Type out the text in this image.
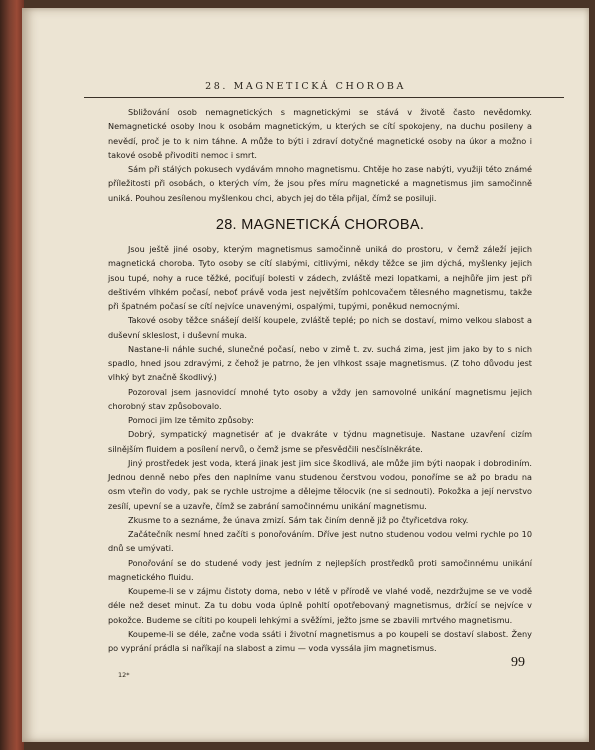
28. MAGNETICKÁ CHOROBA

Sbližování osob nemagnetických s magnetickými se stává v životě často nevědomky. Nemagnetické osoby lnou k osobám magnetickým, u kterých se cítí spokojeny, na duchu posileny a nevědí, proč je to k nim táhne. A může to býti i zdraví dotyčné magnetické osoby na úkor a možno i takové osobě přivoditi nemoc i smrt.

Sám při stálých pokusech vydávám mnoho magnetismu. Chtěje ho zase nabýti, využiji této známé příležitosti při osobách, o kterých vím, že jsou přes míru magnetické a magnetismus jim samočinně uniká. Pouhou zesílenou myšlenkou chci, abych jej do těla přijal, čímž se posiluji.

28. MAGNETICKÁ CHOROBA.

Jsou ještě jiné osoby, kterým magnetismus samočinně uniká do prostoru, v čemž záleží jejich magnetická choroba. Tyto osoby se cítí slabými, citlivými, někdy těžce se jim dýchá, myšlenky jejich jsou tupé, nohy a ruce těžké, pociťují bolesti v zádech, zvláště mezi lopatkami, a nejhůře jim jest při deštivém vlhkém počasí, neboť právě voda jest největším pohlcovačem tělesného magnetismu, takže při špatném počasí se cítí nejvíce unavenými, ospalými, tupými, poněkud nemocnými.

Takové osoby těžce snášejí delší koupele, zvláště teplé; po nich se dostaví, mimo velkou slabost a duševní skleslost, i duševní muka.

Nastane-li náhle suché, slunečné počasí, nebo v zimě t. zv. suchá zima, jest jim jako by to s nich spadlo, hned jsou zdravými, z čehož je patrno, že jen vlhkost ssaje magnetismus. (Z toho důvodu jest vlhký byt značně škodlivý.)

Pozoroval jsem jasnovidcí mnohé tyto osoby a vždy jen samovolné unikání magnetismu jejich chorobný stav způsobovalo.

Pomoci jim lze těmito způsoby:

Dobrý, sympatický magnetisér ať je dvakráte v týdnu magnetisuje. Nastane uzavření cizím silnějším fluidem a posílení nervů, o čemž jsme se přesvědčili nesčíslněkráte.

Jiný prostředek jest voda, která jinak jest jim sice škodlivá, ale může jim býti naopak i dobrodiním. Jednou denně nebo přes den naplníme vanu studenou čerstvou vodou, ponoříme se až po bradu na osm vteřin do vody, pak se rychle ustrojme a dělejme tělocvik (ne si sednouti). Pokožka a její nervstvo zesílí, upevní se a uzavře, čímž se zabrání samočinnému unikání magnetismu.

Zkusme to a seznáme, že únava zmizí. Sám tak činím denně již po čtyřicetdva roky.

Začátečník nesmí hned začíti s ponořováním. Dříve jest nutno studenou vodou velmi rychle po 10 dnů se umývati.

Ponořování se do studené vody jest jedním z nejlepších prostředků proti samočinnému unikání magnetického fluidu.

Koupeme-li se v zájmu čistoty doma, nebo v létě v přírodě ve vlahé vodě, nezdržujme se ve vodě déle než deset minut. Za tu dobu voda úplně pohltí opotřebovaný magnetismus, držící se nejvíce v pokožce. Budeme se cítiti po koupeli lehkými a svěžími, ježto jsme se zbavili mrtvého magnetismu.

Koupeme-li se déle, začne voda ssáti i životní magnetismus a po koupeli se dostaví slabost. Ženy po vyprání prádla si naříkají na slabost a zimu — voda vyssála jim magnetismus.

12*
99
